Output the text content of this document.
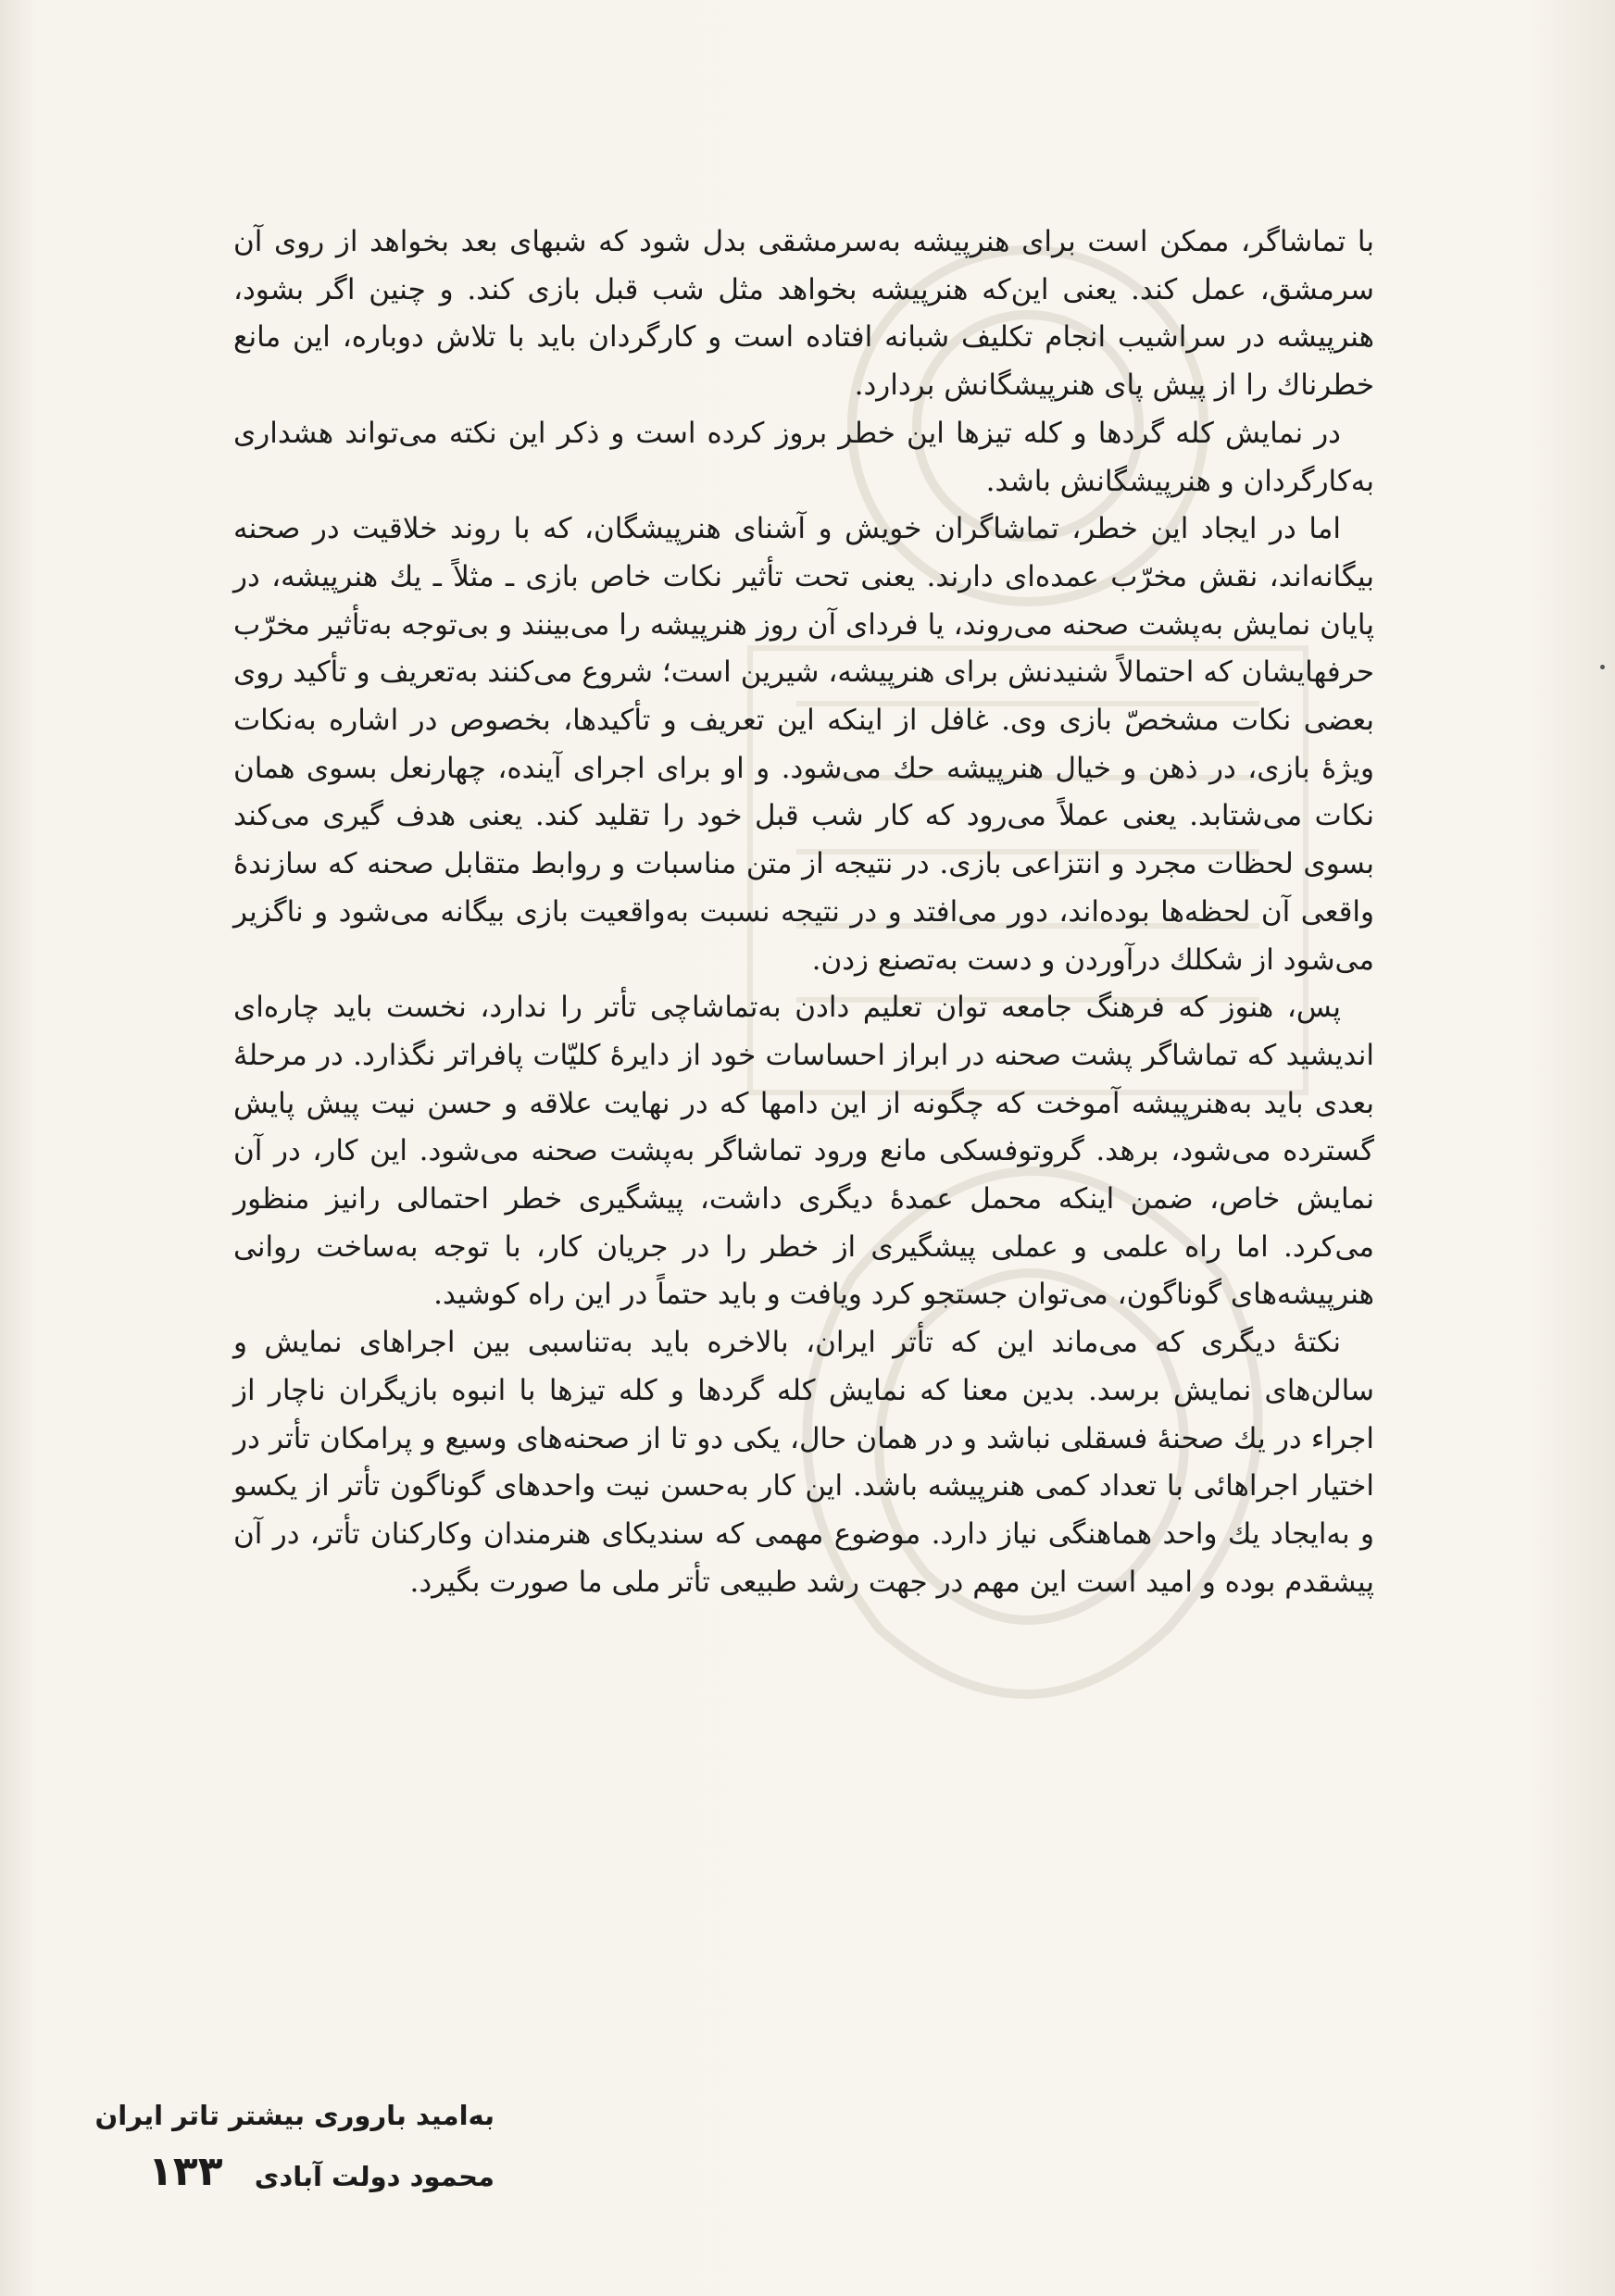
با تماشاگر، ممکن است برای هنرپیشه به‌سرمشقی بدل شود که شبهای بعد بخواهد از روی آن سرمشق، عمل کند. یعنی این‌که هنرپیشه بخواهد مثل شب قبل بازی کند. و چنین اگر بشود، هنرپیشه در سراشیب انجام تکلیف شبانه افتاده است و کارگردان باید با تلاش دوباره، این مانع خطرناك را از پیش پای هنرپیشگانش بردارد.

در نمایش کله گردها و کله تیزها این خطر بروز کرده است و ذکر این نکته می‌تواند هشداری به‌کارگردان و هنرپیشگانش باشد.

اما در ایجاد این خطر، تماشاگران خویش و آشنای هنرپیشگان، که با روند خلاقیت در صحنه بیگانه‌اند، نقش مخرّب عمده‌ای دارند. یعنی تحت تأثیر نکات خاص بازی ـ مثلاً ـ یك هنرپیشه، در پایان نمایش به‌پشت صحنه می‌روند، یا فردای آن روز هنرپیشه را می‌بینند و بی‌توجه به‌تأثیر مخرّب حرفهایشان که احتمالاً شنیدنش برای هنرپیشه، شیرین است؛ شروع می‌کنند به‌تعریف و تأکید روی بعضی نکات مشخصّ بازی وی. غافل از اینکه این تعریف و تأکیدها، بخصوص در اشاره به‌نکات ویژهٔ بازی، در ذهن و خیال هنرپیشه حك می‌شود. و او برای اجرای آینده، چهارنعل بسوی همان نکات می‌شتابد. یعنی عملاً می‌رود که کار شب قبل خود را تقلید کند. یعنی هدف گیری می‌کند بسوی لحظات مجرد و انتزاعی بازی. در نتیجه از متن مناسبات و روابط متقابل صحنه که سازندهٔ واقعی آن لحظه‌ها بوده‌اند، دور می‌افتد و در نتیجه نسبت به‌واقعیت بازی بیگانه می‌شود و ناگزیر می‌شود از شکلك درآوردن و دست به‌تصنع زدن.

پس، هنوز که فرهنگ جامعه توان تعلیم دادن به‌تماشاچی تأتر را ندارد، نخست باید چاره‌ای اندیشید که تماشاگر پشت صحنه در ابراز احساسات خود از دایرهٔ کلیّات پافراتر نگذارد. در مرحلهٔ بعدی باید به‌هنرپیشه آموخت که چگونه از این دامها که در نهایت علاقه و حسن نیت پیش پایش گسترده می‌شود، برهد. گروتوفسکی مانع ورود تماشاگر به‌پشت صحنه می‌شود. این کار، در آن نمایش خاص، ضمن اینکه محمل عمدهٔ دیگری داشت، پیشگیری خطر احتمالی رانیز منظور می‌کرد. اما راه علمی و عملی پیشگیری از خطر را در جریان کار، با توجه به‌ساخت روانی هنرپیشه‌های گوناگون، می‌توان جستجو کرد ویافت و باید حتماً در این راه کوشید.

نکتهٔ دیگری که می‌ماند این که تأتر ایران، بالاخره باید به‌تناسبی بین اجراهای نمایش و سالن‌های نمایش برسد. بدین معنا که نمایش کله گردها و کله تیزها با انبوه بازیگران ناچار از اجراء در یك صحنهٔ فسقلی نباشد و در همان حال، یکی دو تا از صحنه‌های وسیع و پرامکان تأتر در اختیار اجراهائی با تعداد کمی هنرپیشه باشد. این کار به‌حسن نیت واحدهای گوناگون تأتر از یکسو و به‌ایجاد یك واحد هماهنگی نیاز دارد. موضوع مهمی که سندیکای هنرمندان وکارکنان تأتر، در آن پیشقدم بوده و امید است این مهم در جهت رشد طبیعی تأتر ملی ما صورت بگیرد.

به‌امید باروری بیشتر تاتر ایران
محمود دولت آبادی
۱۳۳
